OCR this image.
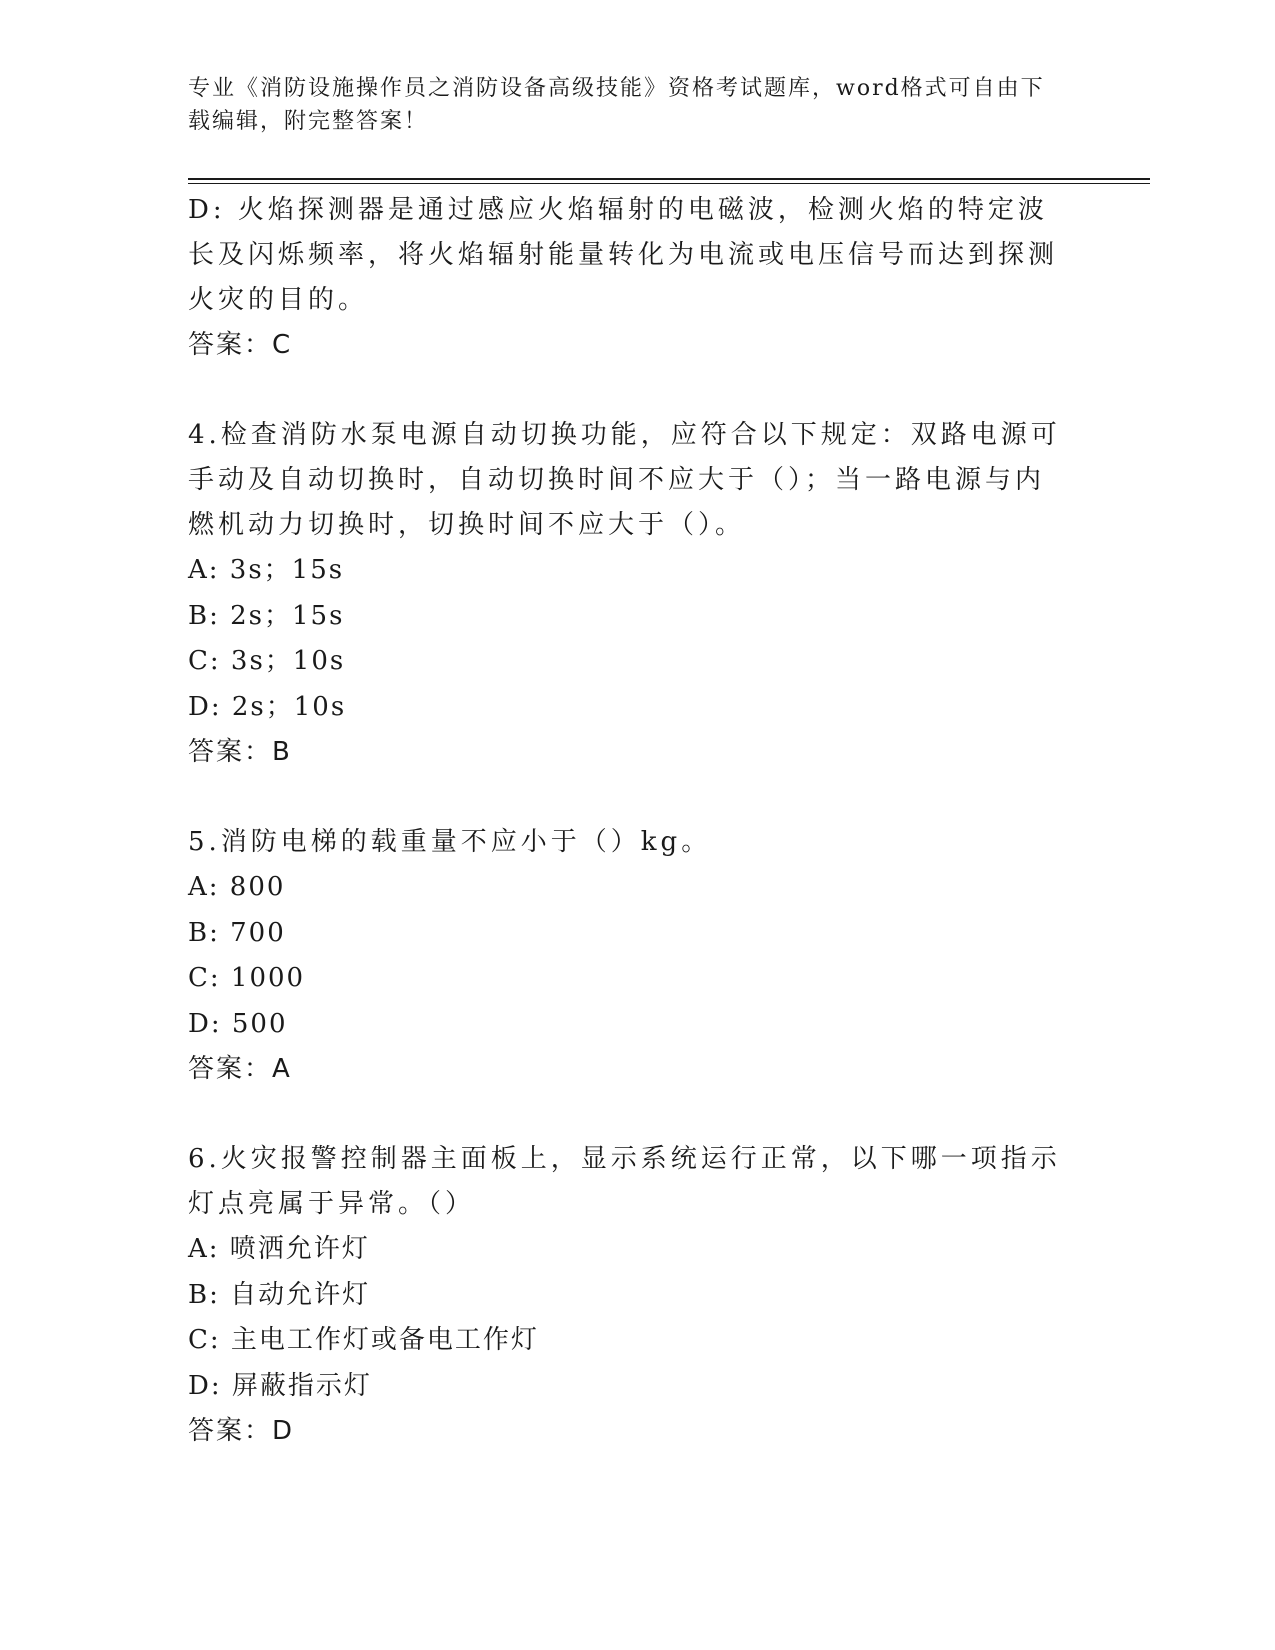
专业《消防设施操作员之消防设备高级技能》资格考试题库，word格式可自由下载编辑，附完整答案！

D: 火焰探测器是通过感应火焰辐射的电磁波，检测火焰的特定波长及闪烁频率，将火焰辐射能量转化为电流或电压信号而达到探测火灾的目的。

答案：C

4.检查消防水泵电源自动切换功能，应符合以下规定：双路电源可手动及自动切换时，自动切换时间不应大于（）；当一路电源与内燃机动力切换时，切换时间不应大于（）。

A: 3s；15s

B: 2s；15s

C: 3s；10s

D: 2s；10s

答案：B

5.消防电梯的载重量不应小于（）kg。

A: 800

B: 700

C: 1000

D: 500

答案：A

6.火灾报警控制器主面板上，显示系统运行正常，以下哪一项指示灯点亮属于异常。（）

A: 喷洒允许灯

B: 自动允许灯

C: 主电工作灯或备电工作灯

D: 屏蔽指示灯

答案：D
